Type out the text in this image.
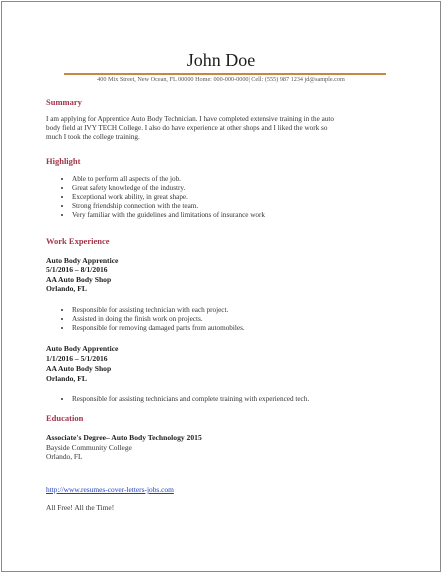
John Doe
400 Mix Street, New Ocean, FL 00000 Home: 000-000-0000| Cell: (555) 987 1234 jd@sample.com
Summary
I am applying for Apprentice Auto Body Technician. I have completed extensive training in the auto
body field at IVY TECH College. I also do have experience at other shops and I liked the work so
much I took the college training.
Highlight
• Able to perform all aspects of the job.
• Great safety knowledge of the industry.
• Exceptional work ability, in great shape.
• Strong friendship connection with the team.
• Very familiar with the guidelines and limitations of insurance work
Work Experience
Auto Body Apprentice
5/1/2016 – 8/1/2016
AA Auto Body Shop
Orlando, FL
• Responsible for assisting technician with each project.
• Assisted in doing the finish work on projects.
• Responsible for removing damaged parts from automobiles.
Auto Body Apprentice
1/1/2016 – 5/1/2016
AA Auto Body Shop
Orlando, FL
• Responsible for assisting technicians and complete training with experienced tech.
Education
Associate's Degree– Auto Body Technology 2015
Bayside Community College
Orlando, FL
http://www.resumes-cover-letters-jobs.com
All Free! All the Time!
